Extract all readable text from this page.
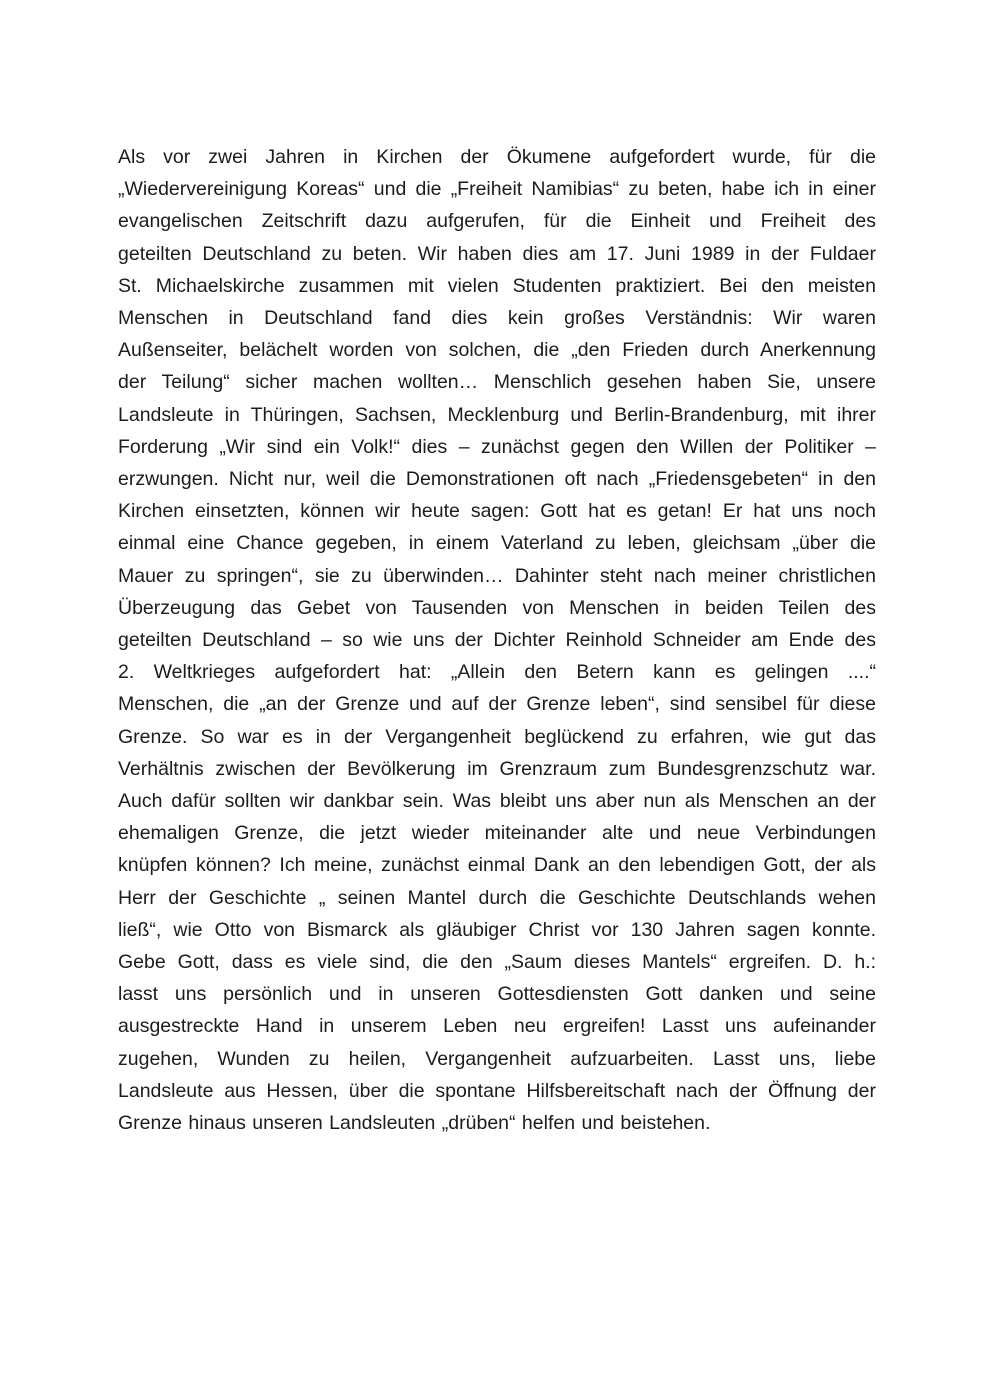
Als vor zwei Jahren in Kirchen der Ökumene aufgefordert wurde, für die
„Wiedervereinigung Koreas“ und die „Freiheit Namibias“ zu beten, habe ich in einer
evangelischen Zeitschrift dazu aufgerufen, für die Einheit und Freiheit des
geteilten Deutschland zu beten. Wir haben dies am 17. Juni 1989 in der Fuldaer
St. Michaelskirche zusammen mit vielen Studenten praktiziert. Bei den meisten
Menschen in Deutschland fand dies kein großes Verständnis: Wir waren
Außenseiter, belächelt worden von solchen, die „den Frieden durch Anerkennung
der Teilung“ sicher machen wollten… Menschlich gesehen haben Sie, unsere
Landsleute in Thüringen, Sachsen, Mecklenburg und Berlin-Brandenburg, mit ihrer
Forderung „Wir sind ein Volk!“ dies – zunächst gegen den Willen der Politiker –
erzwungen. Nicht nur, weil die Demonstrationen oft nach „Friedensgebeten“ in den
Kirchen einsetzten, können wir heute sagen: Gott hat es getan! Er hat uns noch
einmal eine Chance gegeben, in einem Vaterland zu leben, gleichsam „über die
Mauer zu springen“, sie zu überwinden… Dahinter steht nach meiner christlichen
Überzeugung das Gebet von Tausenden von Menschen in beiden Teilen des
geteilten Deutschland – so wie uns der Dichter Reinhold Schneider am Ende des
2. Weltkrieges aufgefordert hat: „Allein den Betern kann es gelingen ....“
Menschen, die „an der Grenze und auf der Grenze leben“, sind sensibel für diese
Grenze. So war es in der Vergangenheit beglückend zu erfahren, wie gut das
Verhältnis zwischen der Bevölkerung im Grenzraum zum Bundesgrenzschutz war.
Auch dafür sollten wir dankbar sein. Was bleibt uns aber nun als Menschen an der
ehemaligen Grenze, die jetzt wieder miteinander alte und neue Verbindungen
knüpfen können? Ich meine, zunächst einmal Dank an den lebendigen Gott, der als
Herr der Geschichte „ seinen Mantel durch die Geschichte Deutschlands wehen
ließ“, wie Otto von Bismarck als gläubiger Christ vor 130 Jahren sagen konnte.
Gebe Gott, dass es viele sind, die den „Saum dieses Mantels“ ergreifen. D. h.:
lasst uns persönlich und in unseren Gottesdiensten Gott danken und seine
ausgestreckte Hand in unserem Leben neu ergreifen! Lasst uns aufeinander
zugehen, Wunden zu heilen, Vergangenheit aufzuarbeiten. Lasst uns, liebe
Landsleute aus Hessen, über die spontane Hilfsbereitschaft nach der Öffnung der
Grenze hinaus unseren Landsleuten „drüben“ helfen und beistehen.
